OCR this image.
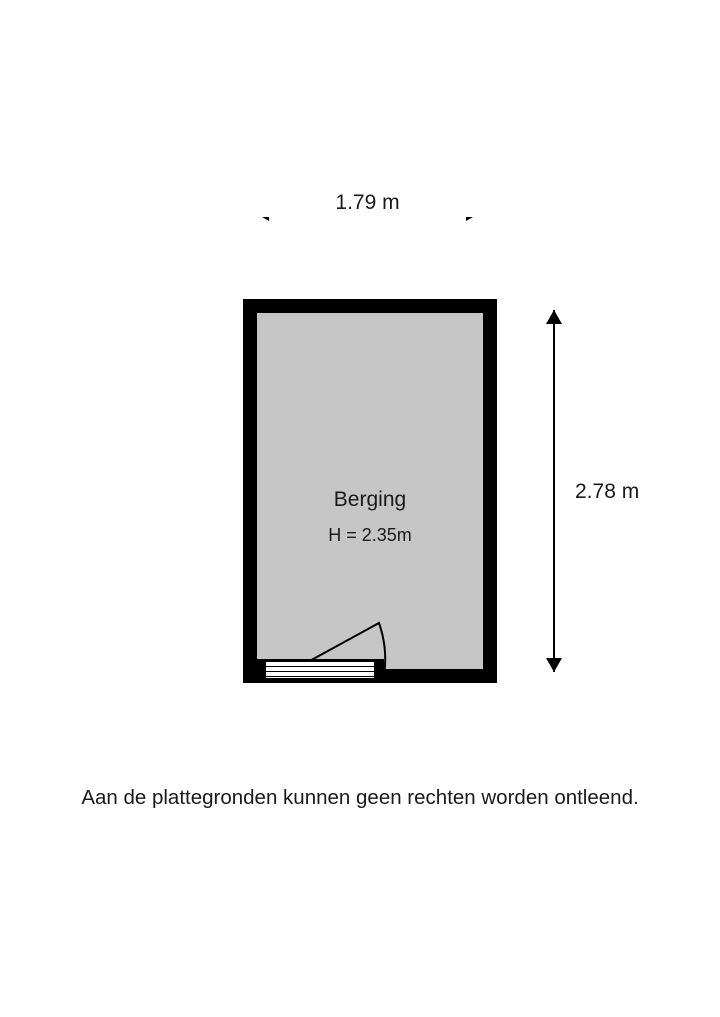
1.79 m
Berging
H = 2.35m
2.78 m
Aan de plattegronden kunnen geen rechten worden ontleend.
